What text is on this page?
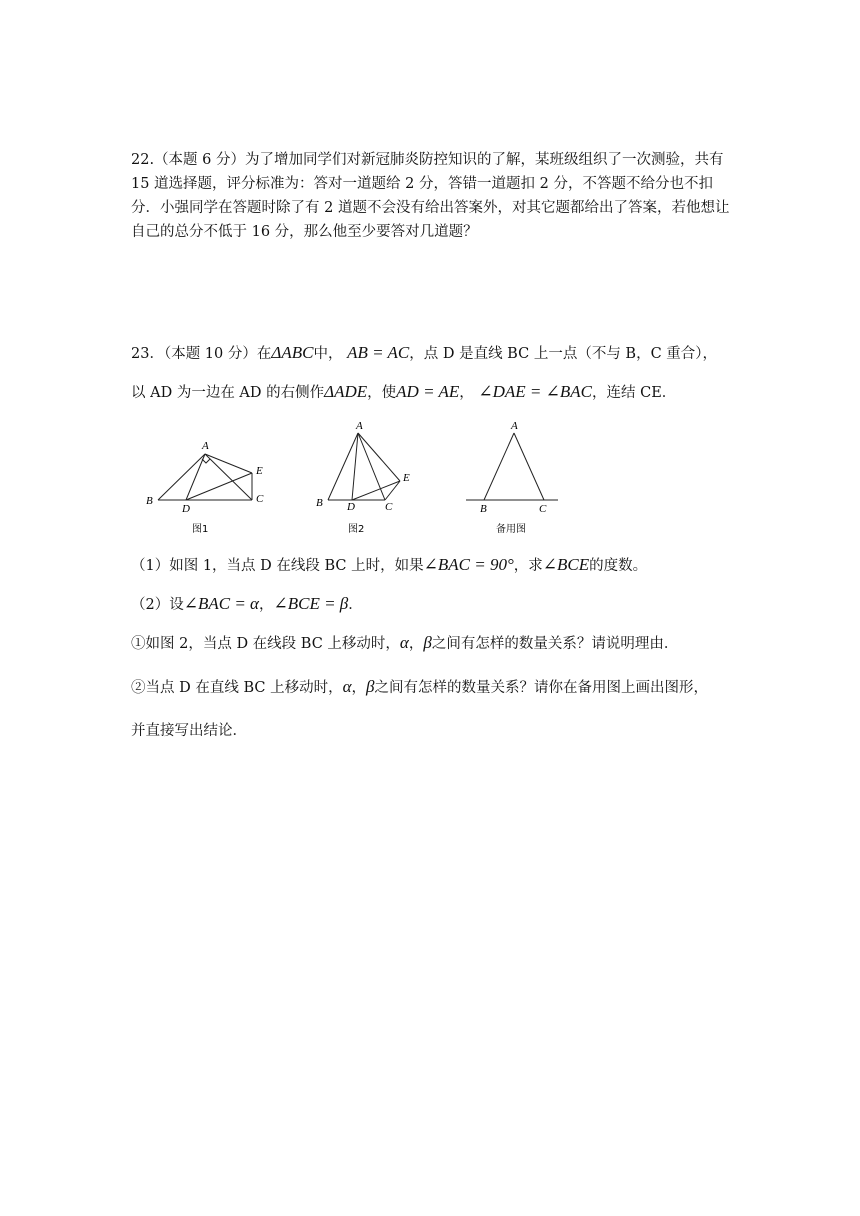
22.（本题 6 分）为了增加同学们对新冠肺炎防控知识的了解，某班级组织了一次测验，共有 15 道选择题，评分标准为：答对一道题给 2 分，答错一道题扣 2 分，不答题不给分也不扣分．小强同学在答题时除了有 2 道题不会没有给出答案外，对其它题都给出了答案，若他想让自己的总分不低于 16 分，那么他至少要答对几道题？
23．（本题 10 分）在ΔABC中， AB = AC，点 D 是直线 BC 上一点（不与 B，C 重合），
以 AD 为一边在 AD 的右侧作ΔADE，使AD = AE， ∠DAE = ∠BAC，连结 CE．
A
B
D
E
C
图1
A
B D
E
C
图2
A
B	C
备用图
（1）如图 1，当点 D 在线段 BC 上时，如果∠BAC = 90°，求∠BCE的度数。
（2）设∠BAC = α，∠BCE = β．
①如图 2，当点 D 在线段 BC 上移动时，α，β之间有怎样的数量关系？请说明理由．
②当点 D 在直线 BC 上移动时，α，β之间有怎样的数量关系？请你在备用图上画出图形，
并直接写出结论．
